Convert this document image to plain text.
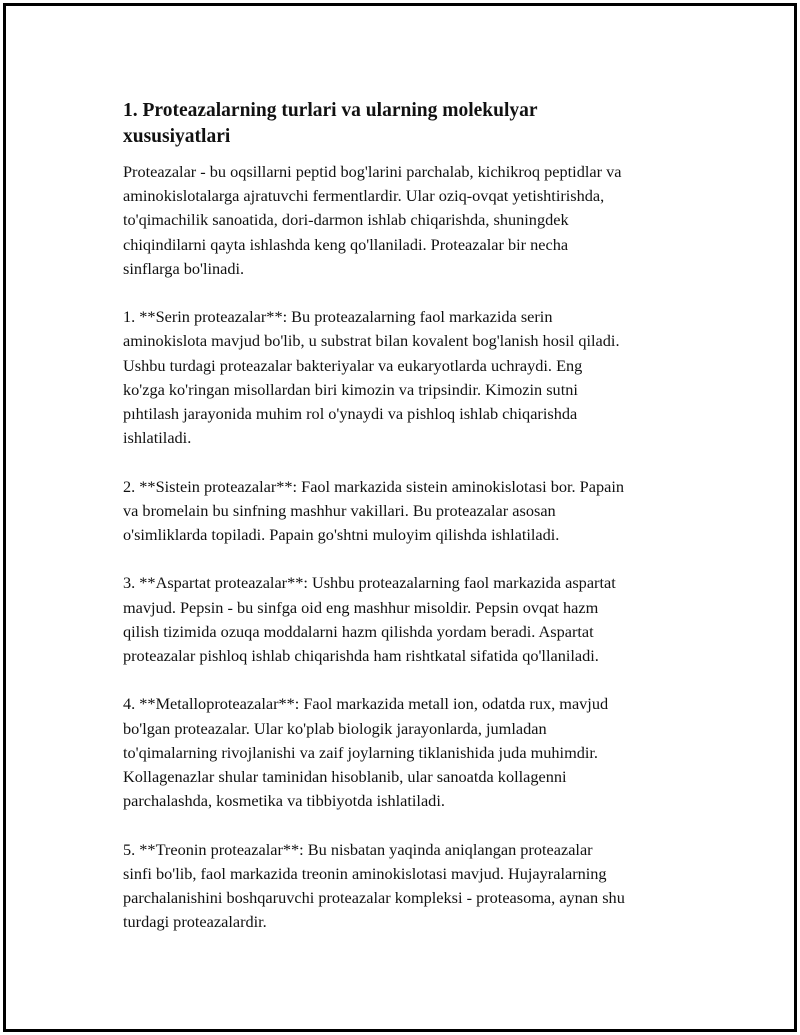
1. Proteazalarning turlari va ularning molekulyar
xususiyatlari
Proteazalar - bu oqsillarni peptid bog'larini parchalab, kichikroq peptidlar va
aminokislotalarga ajratuvchi fermentlardir. Ular oziq-ovqat yetishtirishda,
to'qimachilik sanoatida, dori-darmon ishlab chiqarishda, shuningdek
chiqindilarni qayta ishlashda keng qo'llaniladi. Proteazalar bir necha
sinflarga bo'linadi.
1. **Serin proteazalar**: Bu proteazalarning faol markazida serin
aminokislota mavjud bo'lib, u substrat bilan kovalent bog'lanish hosil qiladi.
Ushbu turdagi proteazalar bakteriyalar va eukaryotlarda uchraydi. Eng
ko'zga ko'ringan misollardan biri kimozin va tripsindir. Kimozin sutni
pıhtilash jarayonida muhim rol o'ynaydi va pishloq ishlab chiqarishda
ishlatiladi.
2. **Sistein proteazalar**: Faol markazida sistein aminokislotasi bor. Papain
va bromelain bu sinfning mashhur vakillari. Bu proteazalar asosan
o'simliklarda topiladi. Papain go'shtni muloyim qilishda ishlatiladi.
3. **Aspartat proteazalar**: Ushbu proteazalarning faol markazida aspartat
mavjud. Pepsin - bu sinfga oid eng mashhur misoldir. Pepsin ovqat hazm
qilish tizimida ozuqa moddalarni hazm qilishda yordam beradi. Aspartat
proteazalar pishloq ishlab chiqarishda ham rishtkatal sifatida qo'llaniladi.
4. **Metalloproteazalar**: Faol markazida metall ion, odatda rux, mavjud
bo'lgan proteazalar. Ular ko'plab biologik jarayonlarda, jumladan
to'qimalarning rivojlanishi va zaif joylarning tiklanishida juda muhimdir.
Kollagenazlar shular taminidan hisoblanib, ular sanoatda kollagenni
parchalashda, kosmetika va tibbiyotda ishlatiladi.
5. **Treonin proteazalar**: Bu nisbatan yaqinda aniqlangan proteazalar
sinfi bo'lib, faol markazida treonin aminokislotasi mavjud. Hujayralarning
parchalanishini boshqaruvchi proteazalar kompleksi - proteasoma, aynan shu
turdagi proteazalardir.
